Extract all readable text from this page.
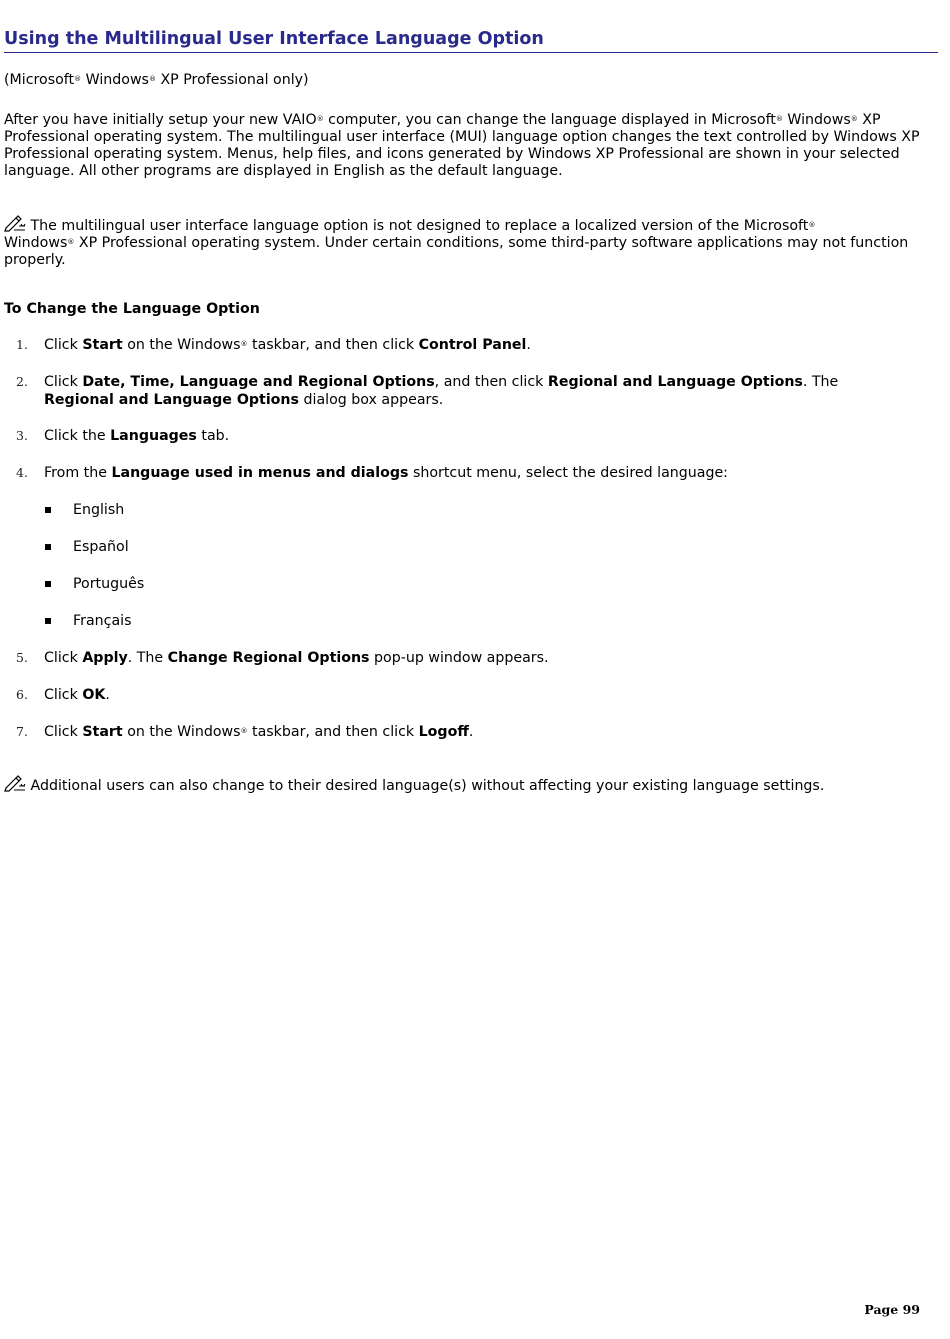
Using the Multilingual User Interface Language Option
(Microsoft® Windows® XP Professional only)
After you have initially setup your new VAIO® computer, you can change the language displayed in Microsoft® Windows® XP Professional operating system. The multilingual user interface (MUI) language option changes the text controlled by Windows XP Professional operating system. Menus, help files, and icons generated by Windows XP Professional are shown in your selected language. All other programs are displayed in English as the default language.
The multilingual user interface language option is not designed to replace a localized version of the Microsoft®
Windows® XP Professional operating system. Under certain conditions, some third-party software applications may not function properly.
To Change the Language Option
1. Click Start on the Windows® taskbar, and then click Control Panel.
2. Click Date, Time, Language and Regional Options, and then click Regional and Language Options. The
Regional and Language Options dialog box appears.
3. Click the Languages tab.
4. From the Language used in menus and dialogs shortcut menu, select the desired language:
English
Español
Português
Français
5. Click Apply. The Change Regional Options pop-up window appears.
6. Click OK.
7. Click Start on the Windows® taskbar, and then click Logoff.
Additional users can also change to their desired language(s) without affecting your existing language settings.
Page 99
